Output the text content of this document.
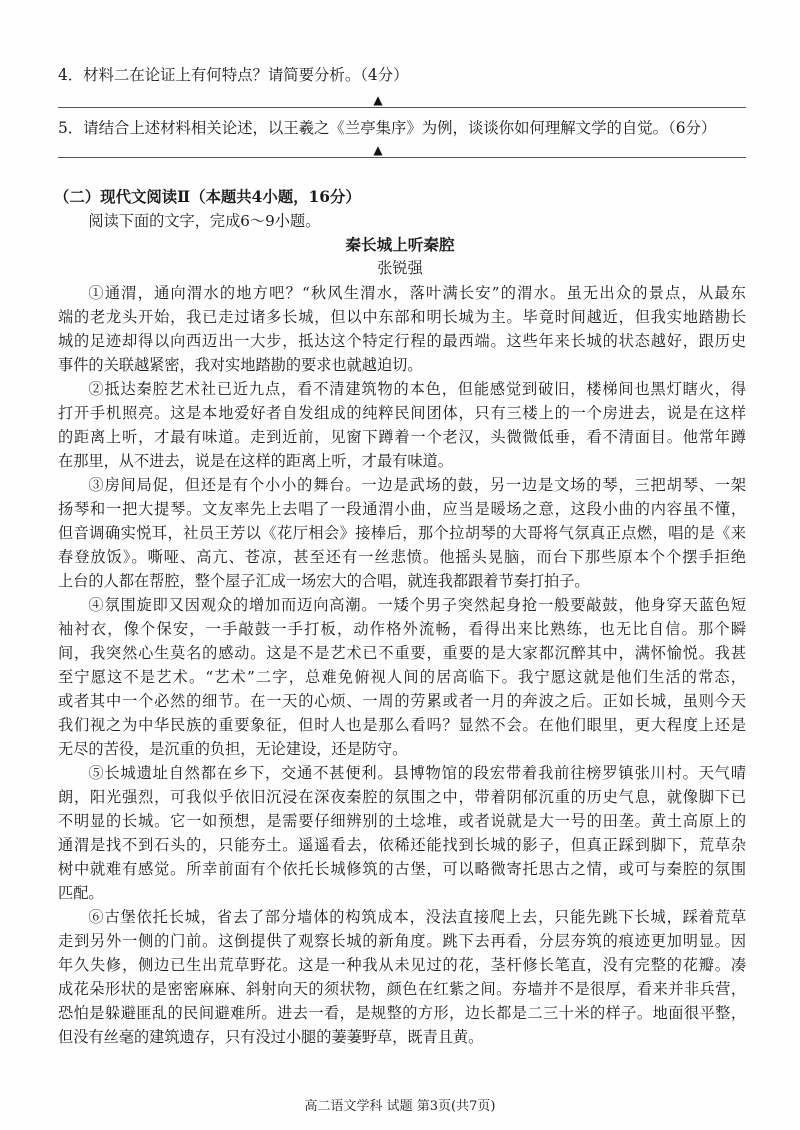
4．材料二在论证上有何特点？请简要分析。（4分）
▲
5．请结合上述材料相关论述，以王羲之《兰亭集序》为例，谈谈你如何理解文学的自觉。（6分）
▲
（二）现代文阅读Ⅱ（本题共4小题，16分）
阅读下面的文字，完成6～9小题。
秦长城上听秦腔
张锐强
①通渭，通向渭水的地方吧？“秋风生渭水，落叶满长安”的渭水。虽无出众的景点，从最东
端的老龙头开始，我已走过诸多长城，但以中东部和明长城为主。毕竟时间越近，但我实地踏勘长
城的足迹却得以向西迈出一大步，抵达这个特定行程的最西端。这些年来长城的状态越好，跟历史
事件的关联越紧密，我对实地踏勘的要求也就越迫切。
②抵达秦腔艺术社已近九点，看不清建筑物的本色，但能感觉到破旧，楼梯间也黑灯瞎火，得
打开手机照亮。这是本地爱好者自发组成的纯粹民间团体，只有三楼上的一个房进去，说是在这样
的距离上听，才最有味道。走到近前，见窗下蹲着一个老汉，头微微低垂，看不清面目。他常年蹲
在那里，从不进去，说是在这样的距离上听，才最有味道。
③房间局促，但还是有个小小的舞台。一边是武场的鼓，另一边是文场的琴，三把胡琴、一架
扬琴和一把大提琴。文友率先上去唱了一段通渭小曲，应当是暖场之意，这段小曲的内容虽不懂，
但音调确实悦耳，社员王芳以《花厅相会》接棒后，那个拉胡琴的大哥将气氛真正点燃，唱的是《来
春登放饭》。嘶哑、高亢、苍凉，甚至还有一丝悲愤。他摇头晃脑，而台下那些原本个个摆手拒绝
上台的人都在帮腔，整个屋子汇成一场宏大的合唱，就连我都跟着节奏打拍子。
④氛围旋即又因观众的增加而迈向高潮。一矮个男子突然起身抢一般要敲鼓，他身穿天蓝色短
袖衬衣，像个保安，一手敲鼓一手打板，动作格外流畅，看得出来比熟练，也无比自信。那个瞬
间，我突然心生莫名的感动。这是不是艺术已不重要，重要的是大家都沉醉其中，满怀愉悦。我甚
至宁愿这不是艺术。“艺术”二字，总难免俯视人间的居高临下。我宁愿这就是他们生活的常态，
或者其中一个必然的细节。在一天的心烦、一周的劳累或者一月的奔波之后。正如长城，虽则今天
我们视之为中华民族的重要象征，但时人也是那么看吗？显然不会。在他们眼里，更大程度上还是
无尽的苦役，是沉重的负担，无论建设，还是防守。
⑤长城遗址自然都在乡下，交通不甚便利。县博物馆的段宏带着我前往榜罗镇张川村。天气晴
朗，阳光强烈，可我似乎依旧沉浸在深夜秦腔的氛围之中，带着阴郁沉重的历史气息，就像脚下已
不明显的长城。它一如预想，是需要仔细辨别的土埝堆，或者说就是大一号的田垄。黄土高原上的
通渭是找不到石头的，只能夯土。遥遥看去，依稀还能找到长城的影子，但真正踩到脚下，荒草杂
树中就难有感觉。所幸前面有个依托长城修筑的古堡，可以略微寄托思古之情，或可与秦腔的氛围
匹配。
⑥古堡依托长城，省去了部分墙体的构筑成本，没法直接爬上去，只能先跳下长城，踩着荒草
走到另外一侧的门前。这倒提供了观察长城的新角度。跳下去再看，分层夯筑的痕迹更加明显。因
年久失修，侧边已生出荒草野花。这是一种我从未见过的花，茎杆修长笔直，没有完整的花瓣。凑
成花朵形状的是密密麻麻、斜射向天的须状物，颜色在红紫之间。夯墙并不是很厚，看来并非兵营，
恐怕是躲避匪乱的民间避难所。进去一看，是规整的方形，边长都是二三十米的样子。地面很平整，
但没有丝毫的建筑遗存，只有没过小腿的萋萋野草，既青且黄。
高二语文学科 试题 第3页(共7页)
